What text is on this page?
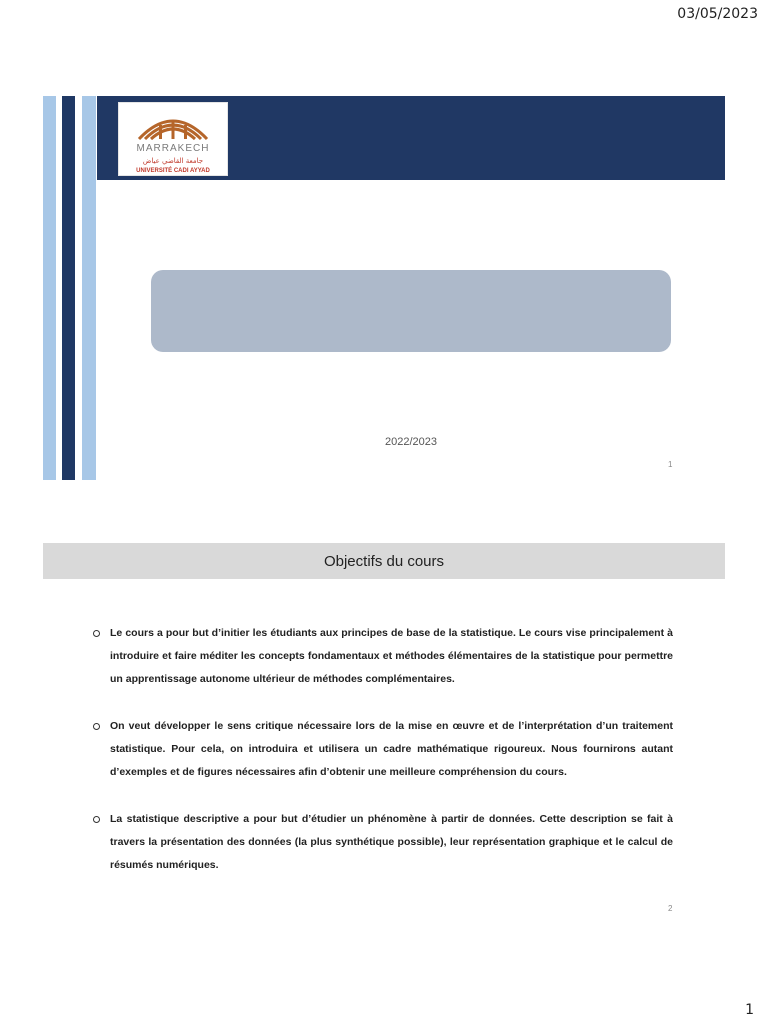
03/05/2023
MARRAKECH
جامعة القاضي عياض
UNIVERSITÉ CADI AYYAD
2022/2023
1
Objectifs du cours
Le cours a pour but d’initier les étudiants aux principes de base de la statistique. Le cours vise principalement à introduire et faire méditer les concepts fondamentaux et méthodes élémentaires de la statistique pour permettre un apprentissage autonome ultérieur de méthodes complémentaires.
On veut développer le sens critique nécessaire lors de la mise en œuvre et de l’interprétation d’un traitement statistique. Pour cela, on introduira et utilisera un cadre mathématique rigoureux. Nous fournirons autant d’exemples et de figures nécessaires afin d’obtenir une meilleure compréhension du cours.
La statistique descriptive a pour but d’étudier un phénomène à partir de données. Cette description se fait à travers la présentation des données (la plus synthétique possible), leur représentation graphique et le calcul de résumés numériques.
2
1
